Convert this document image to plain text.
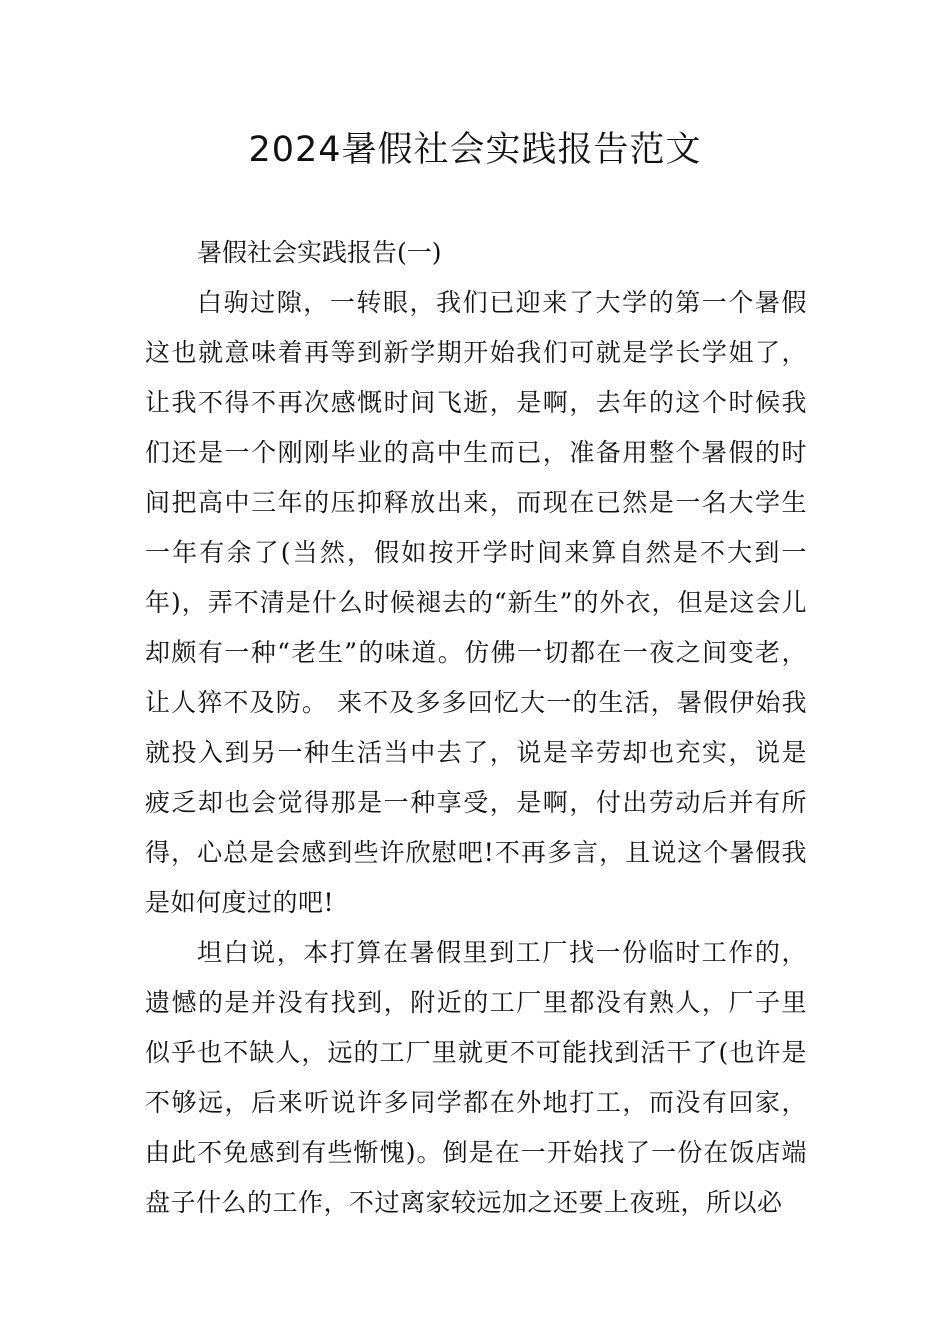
2024暑假社会实践报告范文

暑假社会实践报告(一)

白驹过隙，一转眼，我们已迎来了大学的第一个暑假这也就意味着再等到新学期开始我们可就是学长学姐了，让我不得不再次感慨时间飞逝，是啊，去年的这个时候我们还是一个刚刚毕业的高中生而已，准备用整个暑假的时间把高中三年的压抑释放出来，而现在已然是一名大学生一年有余了(当然，假如按开学时间来算自然是不大到一年)，弄不清是什么时候褪去的“新生”的外衣，但是这会儿却颇有一种“老生”的味道。仿佛一切都在一夜之间变老，让人猝不及防。 来不及多多回忆大一的生活，暑假伊始我就投入到另一种生活当中去了，说是辛劳却也充实，说是疲乏却也会觉得那是一种享受，是啊，付出劳动后并有所得，心总是会感到些许欣慰吧!不再多言，且说这个暑假我是如何度过的吧!

坦白说，本打算在暑假里到工厂找一份临时工作的，遗憾的是并没有找到，附近的工厂里都没有熟人，厂子里似乎也不缺人，远的工厂里就更不可能找到活干了(也许是不够远，后来听说许多同学都在外地打工，而没有回家，由此不免感到有些惭愧)。倒是在一开始找了一份在饭店端盘子什么的工作，不过离家较远加之还要上夜班，所以必
